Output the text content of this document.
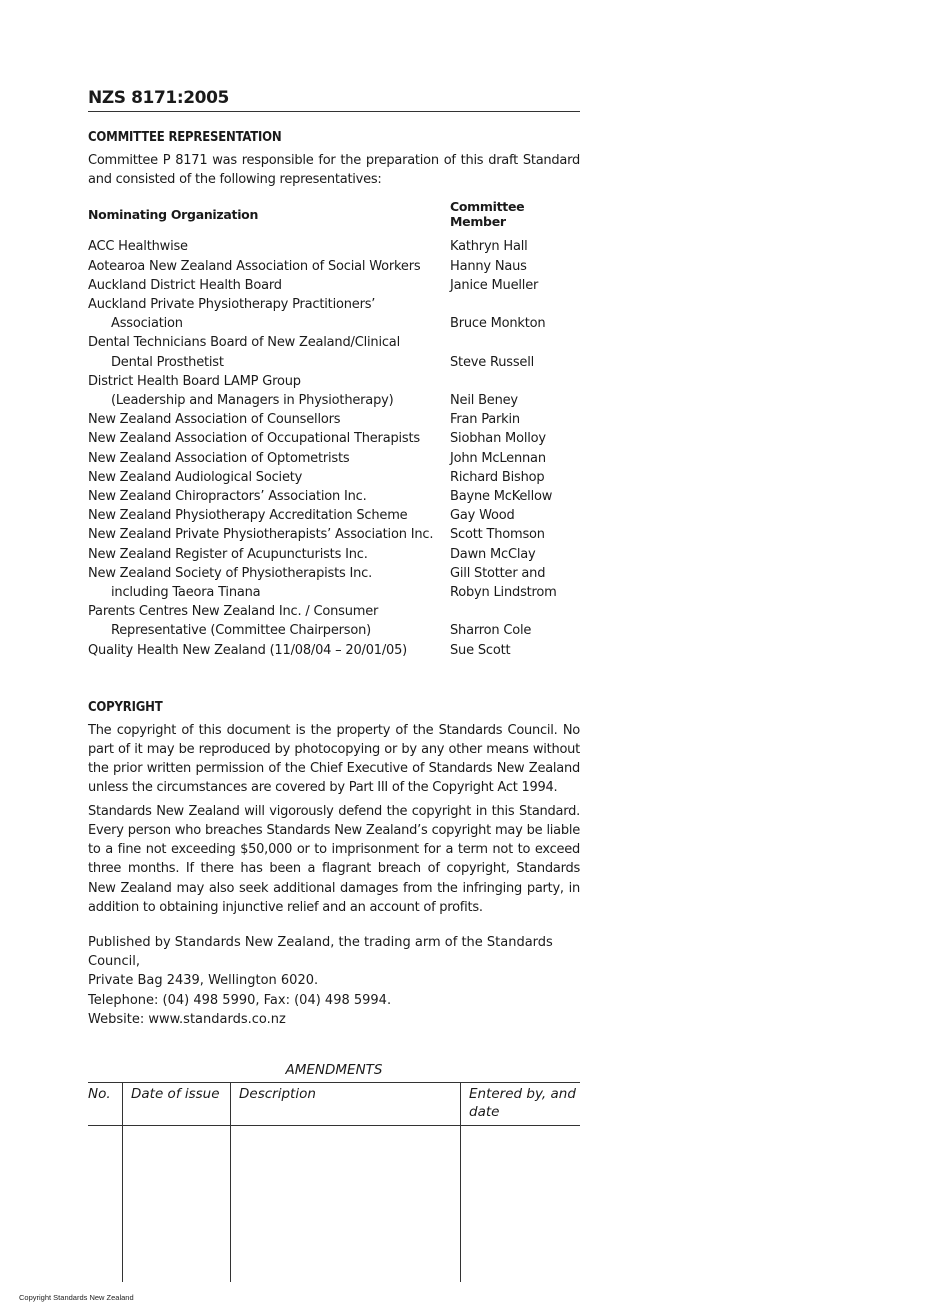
NZS 8171:2005
COMMITTEE REPRESENTATION

Committee P 8171 was responsible for the preparation of this draft Standard and consisted of the following representatives:

Nominating Organization	Committee Member
ACC Healthwise	Kathryn Hall
Aotearoa New Zealand Association of Social Workers	Hanny Naus
Auckland District Health Board	Janice Mueller
Auckland Private Physiotherapy Practitioners’
Association	Bruce Monkton
Dental Technicians Board of New Zealand/Clinical
Dental Prosthetist	Steve Russell
District Health Board LAMP Group
(Leadership and Managers in Physiotherapy)	Neil Beney
New Zealand Association of Counsellors	Fran Parkin
New Zealand Association of Occupational Therapists	Siobhan Molloy
New Zealand Association of Optometrists	John McLennan
New Zealand Audiological Society	Richard Bishop
New Zealand Chiropractors’ Association Inc.	Bayne McKellow
New Zealand Physiotherapy Accreditation Scheme	Gay Wood
New Zealand Private Physiotherapists’ Association Inc.	Scott Thomson
New Zealand Register of Acupuncturists Inc.	Dawn McClay
New Zealand Society of Physiotherapists Inc.
including Taeora Tinana	Gill Stotter and
Robyn Lindstrom

Parents Centres New Zealand Inc. / Consumer
Representative (Committee Chairperson)	Sharron Cole
Quality Health New Zealand (11/08/04 – 20/01/05)	Sue Scott
COPYRIGHT

The copyright of this document is the property of the Standards Council. No part of it may be reproduced by photocopying or by any other means without the prior written permission of the Chief Executive of Standards New Zealand unless the circumstances are covered by Part III of the Copyright Act 1994.

Standards New Zealand will vigorously defend the copyright in this Standard. Every person who breaches Standards New Zealand’s copyright may be liable to a fine not exceeding $50,000 or to imprisonment for a term not to exceed three months. If there has been a flagrant breach of copyright, Standards New Zealand may also seek additional damages from the infringing party, in addition to obtaining injunctive relief and an account of profits.

Published by Standards New Zealand, the trading arm of the Standards Council,
Private Bag 2439, Wellington 6020.
Telephone: (04) 498 5990, Fax: (04) 498 5994.
Website: www.standards.co.nz
AMENDMENTS
No.	Date of issue	Description	Entered by, and date

Copyright Standards New Zealand
